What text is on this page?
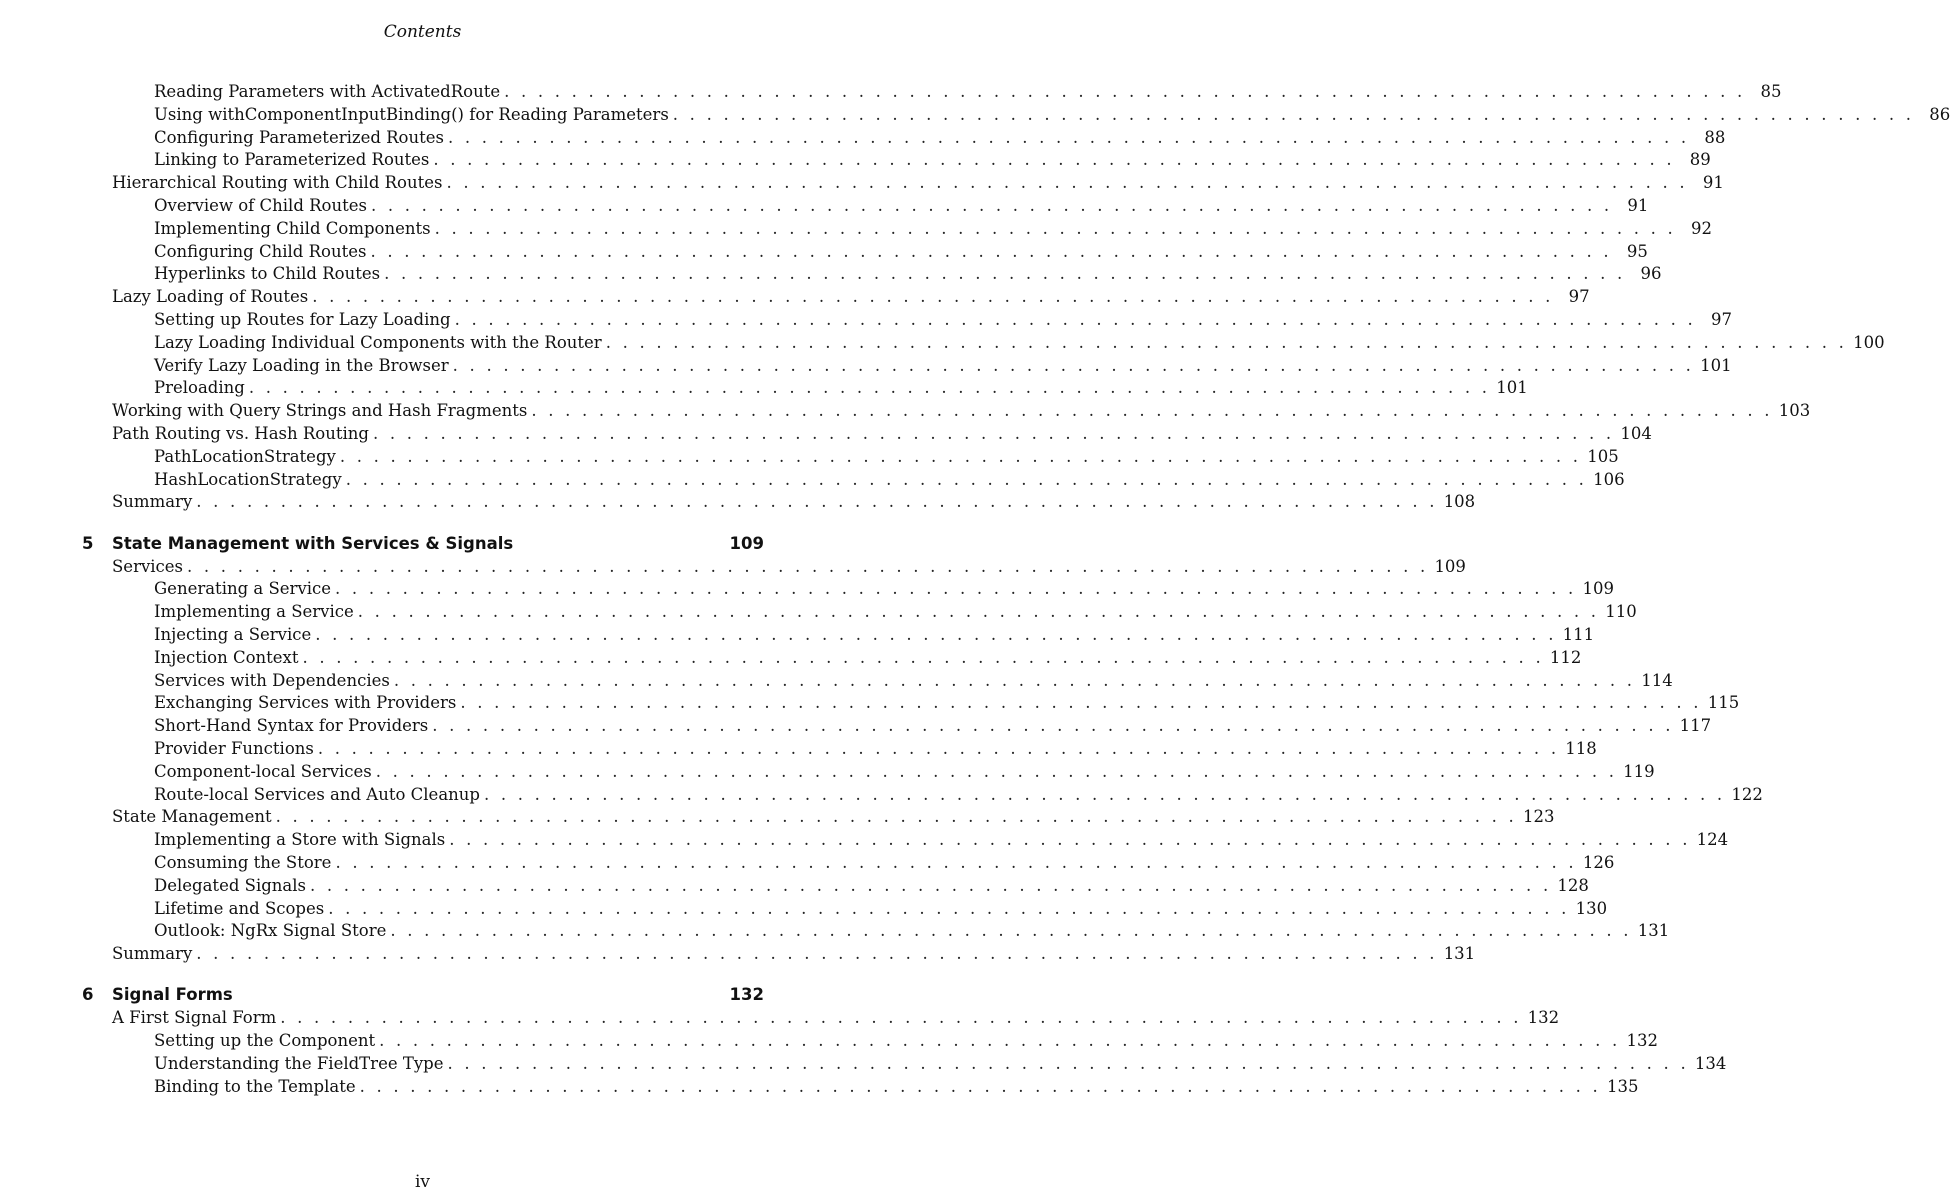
Contents
Reading Parameters with ActivatedRoute . . . . . . . . . . . . . . . . . . . . . . . . . . . . . . . . . . . . . . . . . . . . . . . . . . . . . . . . . . . . . . . . . . . . . . . . . . 85
Using withComponentInputBinding() for Reading Parameters . . . . . . . . . . . . . . . . . . . . . . . . . . . . . . . . . . . . . . . . . . . . . . . . . . . . . . . . . . . . . . . . . . . . . . . . . . 86
Configuring Parameterized Routes . . . . . . . . . . . . . . . . . . . . . . . . . . . . . . . . . . . . . . . . . . . . . . . . . . . . . . . . . . . . . . . . . . . . . . . . . . 88
Linking to Parameterized Routes . . . . . . . . . . . . . . . . . . . . . . . . . . . . . . . . . . . . . . . . . . . . . . . . . . . . . . . . . . . . . . . . . . . . . . . . . . 89
Hierarchical Routing with Child Routes . . . . . . . . . . . . . . . . . . . . . . . . . . . . . . . . . . . . . . . . . . . . . . . . . . . . . . . . . . . . . . . . . . . . . . . . . . 91
Overview of Child Routes . . . . . . . . . . . . . . . . . . . . . . . . . . . . . . . . . . . . . . . . . . . . . . . . . . . . . . . . . . . . . . . . . . . . . . . . . . 91
Implementing Child Components . . . . . . . . . . . . . . . . . . . . . . . . . . . . . . . . . . . . . . . . . . . . . . . . . . . . . . . . . . . . . . . . . . . . . . . . . . 92
Configuring Child Routes . . . . . . . . . . . . . . . . . . . . . . . . . . . . . . . . . . . . . . . . . . . . . . . . . . . . . . . . . . . . . . . . . . . . . . . . . . 95
Hyperlinks to Child Routes . . . . . . . . . . . . . . . . . . . . . . . . . . . . . . . . . . . . . . . . . . . . . . . . . . . . . . . . . . . . . . . . . . . . . . . . . . 96
Lazy Loading of Routes . . . . . . . . . . . . . . . . . . . . . . . . . . . . . . . . . . . . . . . . . . . . . . . . . . . . . . . . . . . . . . . . . . . . . . . . . . 97
Setting up Routes for Lazy Loading . . . . . . . . . . . . . . . . . . . . . . . . . . . . . . . . . . . . . . . . . . . . . . . . . . . . . . . . . . . . . . . . . . . . . . . . . . 97
Lazy Loading Individual Components with the Router . . . . . . . . . . . . . . . . . . . . . . . . . . . . . . . . . . . . . . . . . . . . . . . . . . . . . . . . . . . . . . . . . . . . . . . . . . 100
Verify Lazy Loading in the Browser . . . . . . . . . . . . . . . . . . . . . . . . . . . . . . . . . . . . . . . . . . . . . . . . . . . . . . . . . . . . . . . . . . . . . . . . . . 101
Preloading . . . . . . . . . . . . . . . . . . . . . . . . . . . . . . . . . . . . . . . . . . . . . . . . . . . . . . . . . . . . . . . . . . . . . . . . . . 101
Working with Query Strings and Hash Fragments . . . . . . . . . . . . . . . . . . . . . . . . . . . . . . . . . . . . . . . . . . . . . . . . . . . . . . . . . . . . . . . . . . . . . . . . . . 103
Path Routing vs. Hash Routing . . . . . . . . . . . . . . . . . . . . . . . . . . . . . . . . . . . . . . . . . . . . . . . . . . . . . . . . . . . . . . . . . . . . . . . . . . 104
PathLocationStrategy . . . . . . . . . . . . . . . . . . . . . . . . . . . . . . . . . . . . . . . . . . . . . . . . . . . . . . . . . . . . . . . . . . . . . . . . . . 105
HashLocationStrategy . . . . . . . . . . . . . . . . . . . . . . . . . . . . . . . . . . . . . . . . . . . . . . . . . . . . . . . . . . . . . . . . . . . . . . . . . . 106
Summary . . . . . . . . . . . . . . . . . . . . . . . . . . . . . . . . . . . . . . . . . . . . . . . . . . . . . . . . . . . . . . . . . . . . . . . . . . 108
5	State Management with Services & Signals	109
Services . . . . . . . . . . . . . . . . . . . . . . . . . . . . . . . . . . . . . . . . . . . . . . . . . . . . . . . . . . . . . . . . . . . . . . . . . . 109
Generating a Service . . . . . . . . . . . . . . . . . . . . . . . . . . . . . . . . . . . . . . . . . . . . . . . . . . . . . . . . . . . . . . . . . . . . . . . . . . 109
Implementing a Service . . . . . . . . . . . . . . . . . . . . . . . . . . . . . . . . . . . . . . . . . . . . . . . . . . . . . . . . . . . . . . . . . . . . . . . . . . 110
Injecting a Service . . . . . . . . . . . . . . . . . . . . . . . . . . . . . . . . . . . . . . . . . . . . . . . . . . . . . . . . . . . . . . . . . . . . . . . . . . 111
Injection Context . . . . . . . . . . . . . . . . . . . . . . . . . . . . . . . . . . . . . . . . . . . . . . . . . . . . . . . . . . . . . . . . . . . . . . . . . . 112
Services with Dependencies . . . . . . . . . . . . . . . . . . . . . . . . . . . . . . . . . . . . . . . . . . . . . . . . . . . . . . . . . . . . . . . . . . . . . . . . . . 114
Exchanging Services with Providers . . . . . . . . . . . . . . . . . . . . . . . . . . . . . . . . . . . . . . . . . . . . . . . . . . . . . . . . . . . . . . . . . . . . . . . . . . 115
Short-Hand Syntax for Providers . . . . . . . . . . . . . . . . . . . . . . . . . . . . . . . . . . . . . . . . . . . . . . . . . . . . . . . . . . . . . . . . . . . . . . . . . . 117
Provider Functions . . . . . . . . . . . . . . . . . . . . . . . . . . . . . . . . . . . . . . . . . . . . . . . . . . . . . . . . . . . . . . . . . . . . . . . . . . 118
Component-local Services . . . . . . . . . . . . . . . . . . . . . . . . . . . . . . . . . . . . . . . . . . . . . . . . . . . . . . . . . . . . . . . . . . . . . . . . . . 119
Route-local Services and Auto Cleanup . . . . . . . . . . . . . . . . . . . . . . . . . . . . . . . . . . . . . . . . . . . . . . . . . . . . . . . . . . . . . . . . . . . . . . . . . . 122
State Management . . . . . . . . . . . . . . . . . . . . . . . . . . . . . . . . . . . . . . . . . . . . . . . . . . . . . . . . . . . . . . . . . . . . . . . . . . 123
Implementing a Store with Signals . . . . . . . . . . . . . . . . . . . . . . . . . . . . . . . . . . . . . . . . . . . . . . . . . . . . . . . . . . . . . . . . . . . . . . . . . . 124
Consuming the Store . . . . . . . . . . . . . . . . . . . . . . . . . . . . . . . . . . . . . . . . . . . . . . . . . . . . . . . . . . . . . . . . . . . . . . . . . . 126
Delegated Signals . . . . . . . . . . . . . . . . . . . . . . . . . . . . . . . . . . . . . . . . . . . . . . . . . . . . . . . . . . . . . . . . . . . . . . . . . . 128
Lifetime and Scopes . . . . . . . . . . . . . . . . . . . . . . . . . . . . . . . . . . . . . . . . . . . . . . . . . . . . . . . . . . . . . . . . . . . . . . . . . . 130
Outlook: NgRx Signal Store . . . . . . . . . . . . . . . . . . . . . . . . . . . . . . . . . . . . . . . . . . . . . . . . . . . . . . . . . . . . . . . . . . . . . . . . . . 131
Summary . . . . . . . . . . . . . . . . . . . . . . . . . . . . . . . . . . . . . . . . . . . . . . . . . . . . . . . . . . . . . . . . . . . . . . . . . . 131
6	Signal Forms	132
A First Signal Form . . . . . . . . . . . . . . . . . . . . . . . . . . . . . . . . . . . . . . . . . . . . . . . . . . . . . . . . . . . . . . . . . . . . . . . . . . 132
Setting up the Component . . . . . . . . . . . . . . . . . . . . . . . . . . . . . . . . . . . . . . . . . . . . . . . . . . . . . . . . . . . . . . . . . . . . . . . . . . 132
Understanding the FieldTree Type . . . . . . . . . . . . . . . . . . . . . . . . . . . . . . . . . . . . . . . . . . . . . . . . . . . . . . . . . . . . . . . . . . . . . . . . . . 134
Binding to the Template . . . . . . . . . . . . . . . . . . . . . . . . . . . . . . . . . . . . . . . . . . . . . . . . . . . . . . . . . . . . . . . . . . . . . . . . . . 135
iv
